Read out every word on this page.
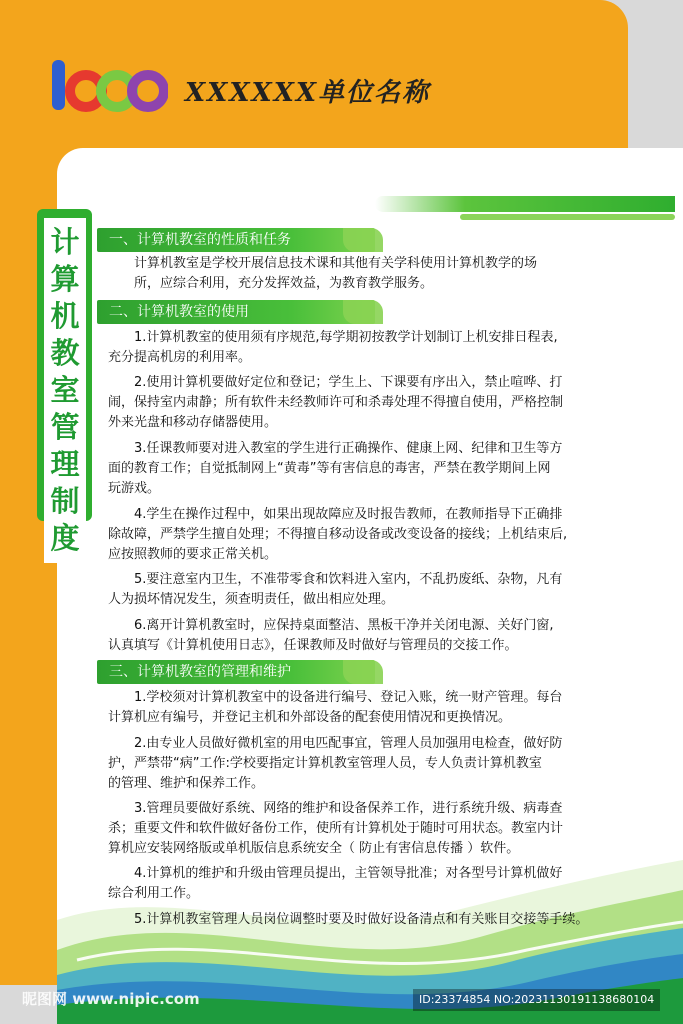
XXXXXX单位名称
计算机教室管理制度
一、计算机教室的性质和任务
计算机教室是学校开展信息技术课和其他有关学科使用计算机教学的场
所，应综合利用，充分发挥效益，为教育教学服务。
二、计算机教室的使用
1.计算机教室的使用须有序规范,每学期初按教学计划制订上机安排日程表,
充分提高机房的利用率。
2.使用计算机要做好定位和登记；学生上、下课要有序出入，禁止喧哗、打
闹，保持室内肃静；所有软件未经教师许可和杀毒处理不得擅自使用，严格控制
外来光盘和移动存储器使用。
3.任课教师要对进入教室的学生进行正确操作、健康上网、纪律和卫生等方
面的教育工作；自觉抵制网上“黄毒”等有害信息的毒害，严禁在教学期间上网
玩游戏。
4.学生在操作过程中，如果出现故障应及时报告教师，在教师指导下正确排
除故障，严禁学生擅自处理；不得擅自移动设备或改变设备的接线；上机结束后,
应按照教师的要求正常关机。
5.要注意室内卫生，不准带零食和饮料进入室内，不乱扔废纸、杂物，凡有
人为损坏情况发生，须查明责任，做出相应处理。
6.离开计算机教室时，应保持桌面整洁、黑板干净并关闭电源、关好门窗,
认真填写《计算机使用日志》，任课教师及时做好与管理员的交接工作。
三、计算机教室的管理和维护
1.学校须对计算机教室中的设备进行编号、登记入账，统一财产管理。每台
计算机应有编号，并登记主机和外部设备的配套使用情况和更换情况。
2.由专业人员做好微机室的用电匹配事宜，管理人员加强用电检查，做好防
护，严禁带“病”工作:学校要指定计算机教室管理人员，专人负责计算机教室
的管理、维护和保养工作。
3.管理员要做好系统、网络的维护和设备保养工作，进行系统升级、病毒查
杀；重要文件和软件做好备份工作，使所有计算机处于随时可用状态。教室内计
算机应安装网络版或单机版信息系统安全（ 防止有害信息传播 ）软件。
4.计算机的维护和升级由管理员提出，主管领导批准；对各型号计算机做好
综合利用工作。
5.计算机教室管理人员岗位调整时要及时做好设备清点和有关账目交接等手续。
昵图网 www.nipic.com	ID:23374854 NO:20231130191138680104
